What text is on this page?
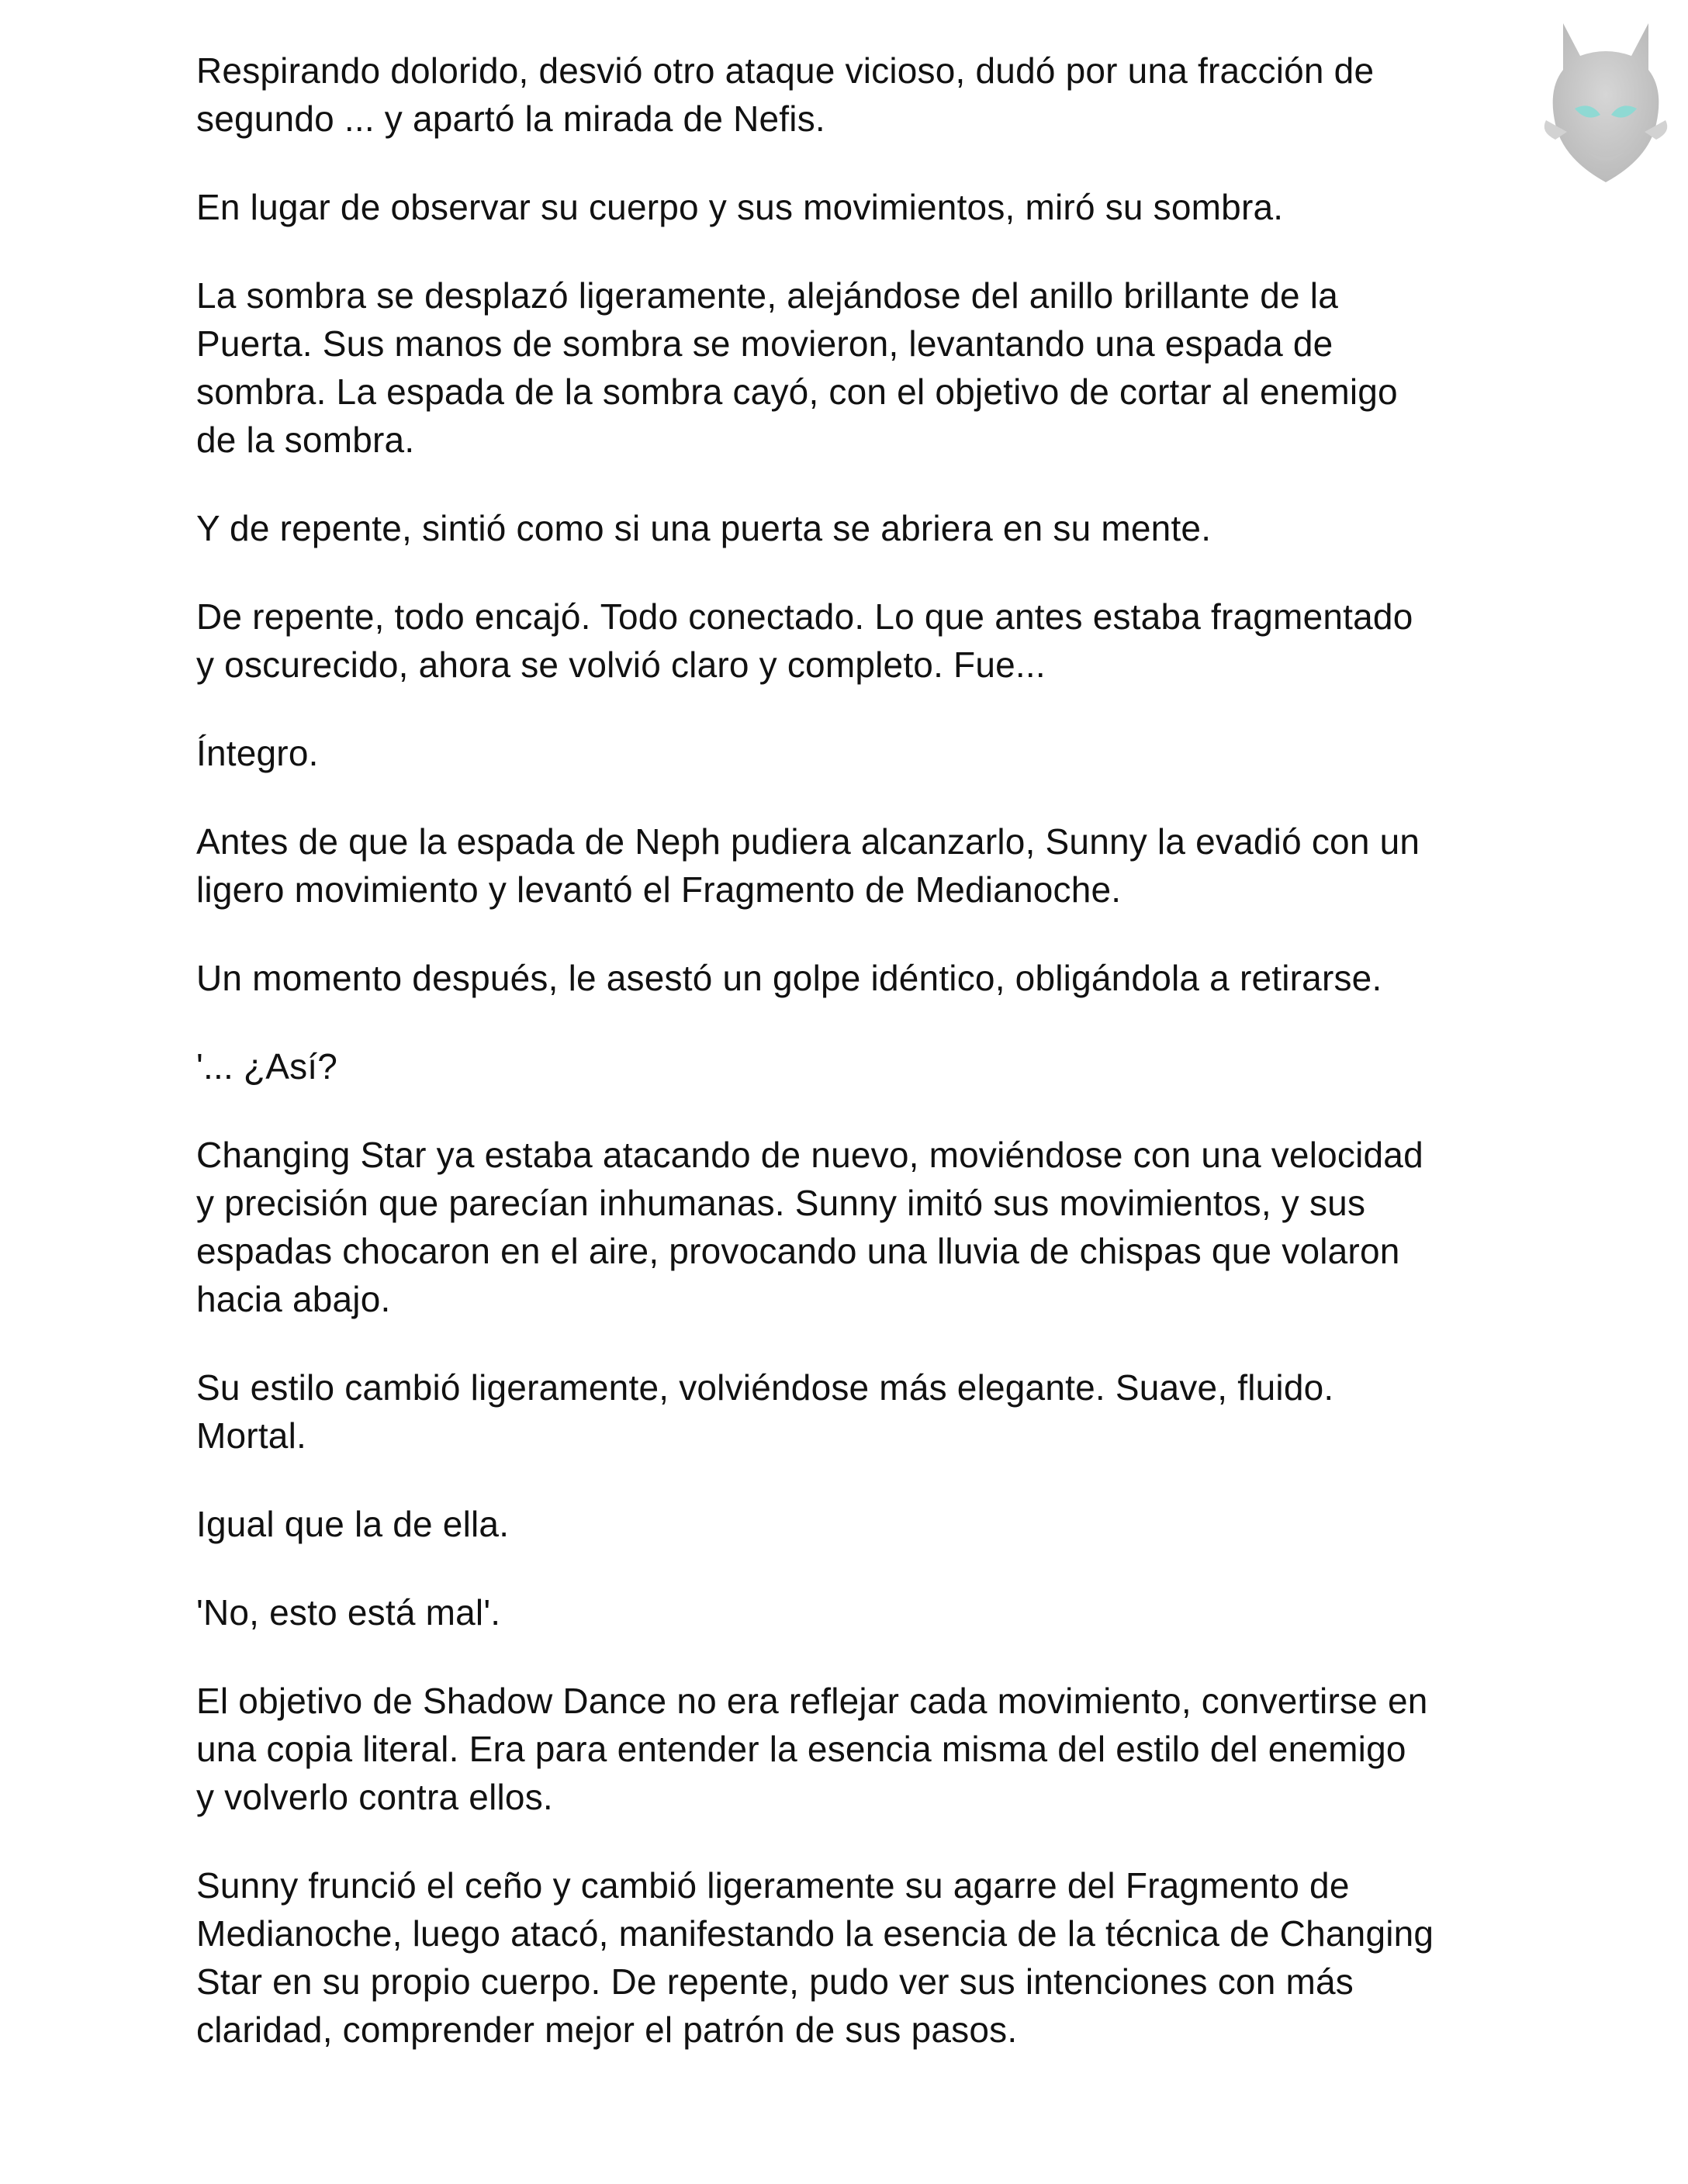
Respirando dolorido, desvió otro ataque vicioso, dudó por una fracción de
segundo ... y apartó la mirada de Nefis.

En lugar de observar su cuerpo y sus movimientos, miró su sombra.

La sombra se desplazó ligeramente, alejándose del anillo brillante de la
Puerta. Sus manos de sombra se movieron, levantando una espada de
sombra. La espada de la sombra cayó, con el objetivo de cortar al enemigo
de la sombra.

Y de repente, sintió como si una puerta se abriera en su mente.

De repente, todo encajó. Todo conectado. Lo que antes estaba fragmentado
y oscurecido, ahora se volvió claro y completo. Fue...

Íntegro.

Antes de que la espada de Neph pudiera alcanzarlo, Sunny la evadió con un
ligero movimiento y levantó el Fragmento de Medianoche.

Un momento después, le asestó un golpe idéntico, obligándola a retirarse.

'... ¿Así?

Changing Star ya estaba atacando de nuevo, moviéndose con una velocidad
y precisión que parecían inhumanas. Sunny imitó sus movimientos, y sus
espadas chocaron en el aire, provocando una lluvia de chispas que volaron
hacia abajo.

Su estilo cambió ligeramente, volviéndose más elegante. Suave, fluido.
Mortal.

Igual que la de ella.

'No, esto está mal'.

El objetivo de Shadow Dance no era reflejar cada movimiento, convertirse en
una copia literal. Era para entender la esencia misma del estilo del enemigo
y volverlo contra ellos.

Sunny frunció el ceño y cambió ligeramente su agarre del Fragmento de
Medianoche, luego atacó, manifestando la esencia de la técnica de Changing
Star en su propio cuerpo. De repente, pudo ver sus intenciones con más
claridad, comprender mejor el patrón de sus pasos.
